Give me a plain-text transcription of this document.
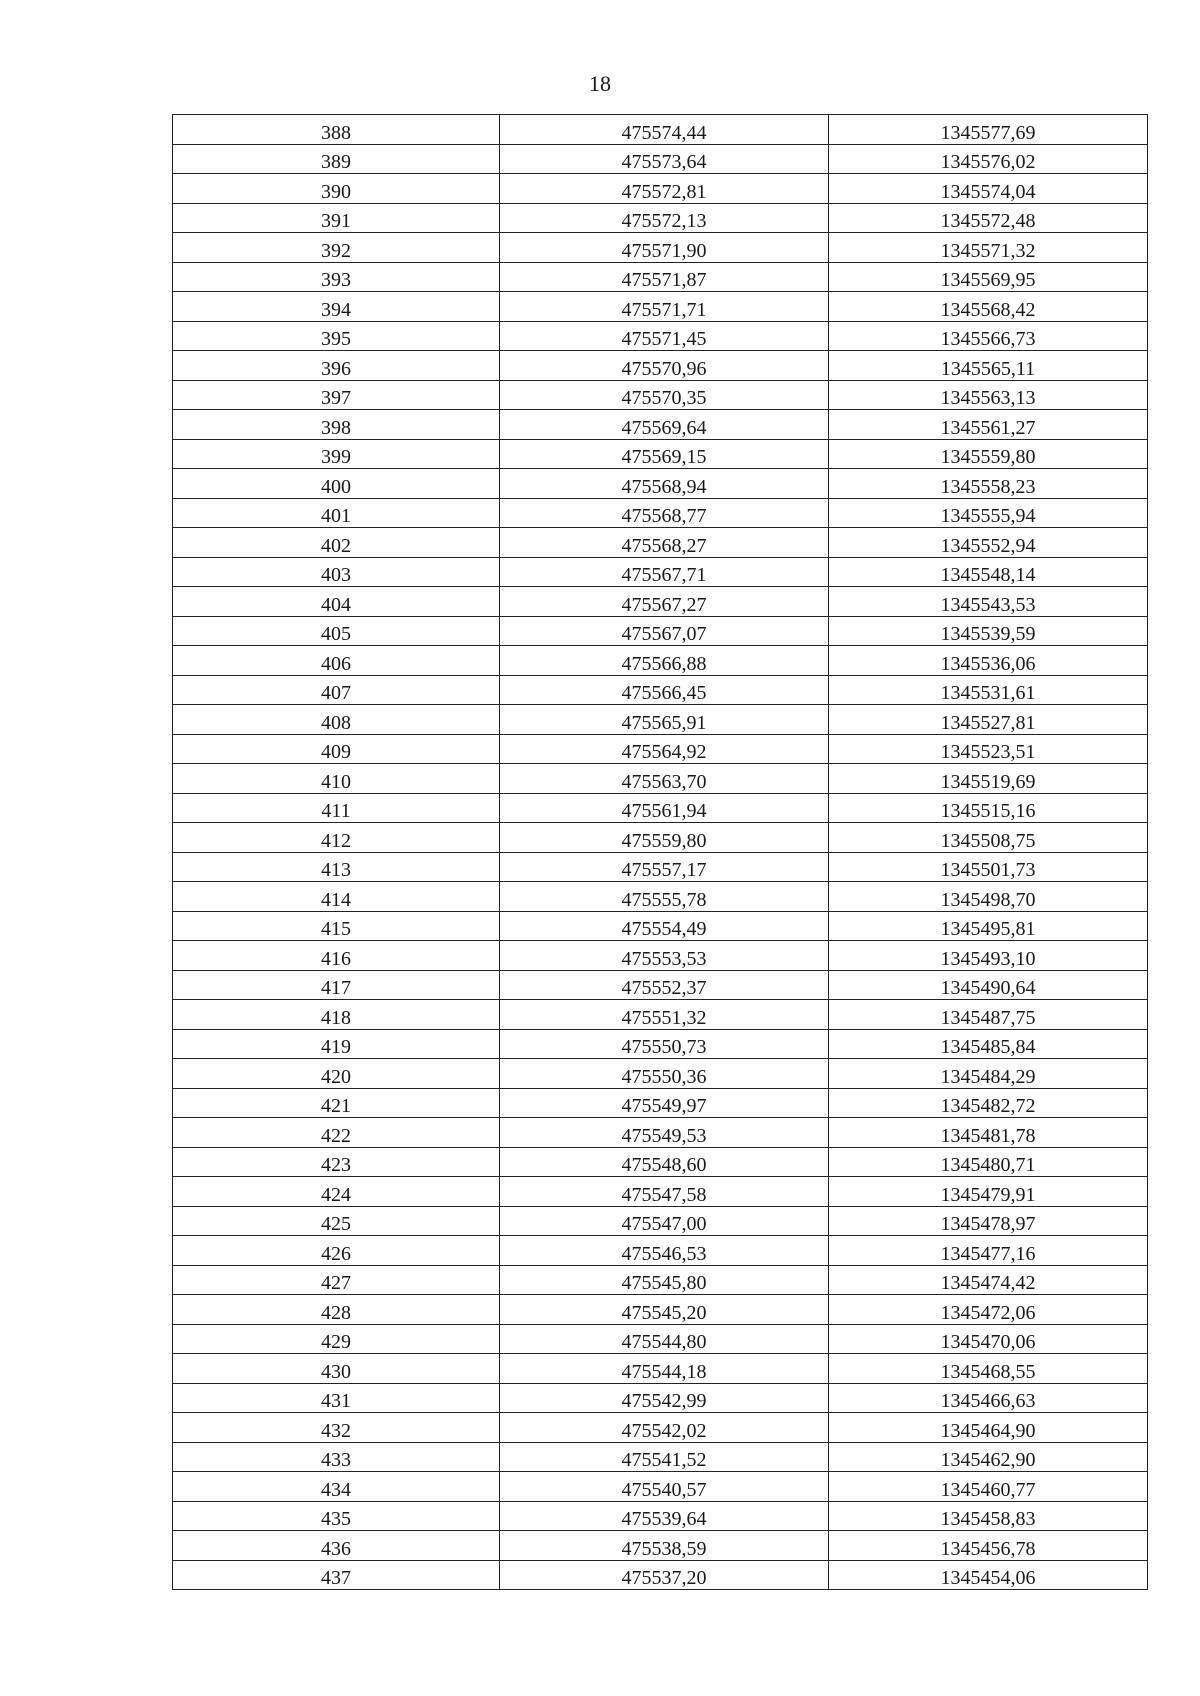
18
388	475574,44	1345577,69
389	475573,64	1345576,02
390	475572,81	1345574,04
391	475572,13	1345572,48
392	475571,90	1345571,32
393	475571,87	1345569,95
394	475571,71	1345568,42
395	475571,45	1345566,73
396	475570,96	1345565,11
397	475570,35	1345563,13
398	475569,64	1345561,27
399	475569,15	1345559,80
400	475568,94	1345558,23
401	475568,77	1345555,94
402	475568,27	1345552,94
403	475567,71	1345548,14
404	475567,27	1345543,53
405	475567,07	1345539,59
406	475566,88	1345536,06
407	475566,45	1345531,61
408	475565,91	1345527,81
409	475564,92	1345523,51
410	475563,70	1345519,69
411	475561,94	1345515,16
412	475559,80	1345508,75
413	475557,17	1345501,73
414	475555,78	1345498,70
415	475554,49	1345495,81
416	475553,53	1345493,10
417	475552,37	1345490,64
418	475551,32	1345487,75
419	475550,73	1345485,84
420	475550,36	1345484,29
421	475549,97	1345482,72
422	475549,53	1345481,78
423	475548,60	1345480,71
424	475547,58	1345479,91
425	475547,00	1345478,97
426	475546,53	1345477,16
427	475545,80	1345474,42
428	475545,20	1345472,06
429	475544,80	1345470,06
430	475544,18	1345468,55
431	475542,99	1345466,63
432	475542,02	1345464,90
433	475541,52	1345462,90
434	475540,57	1345460,77
435	475539,64	1345458,83
436	475538,59	1345456,78
437	475537,20	1345454,06
